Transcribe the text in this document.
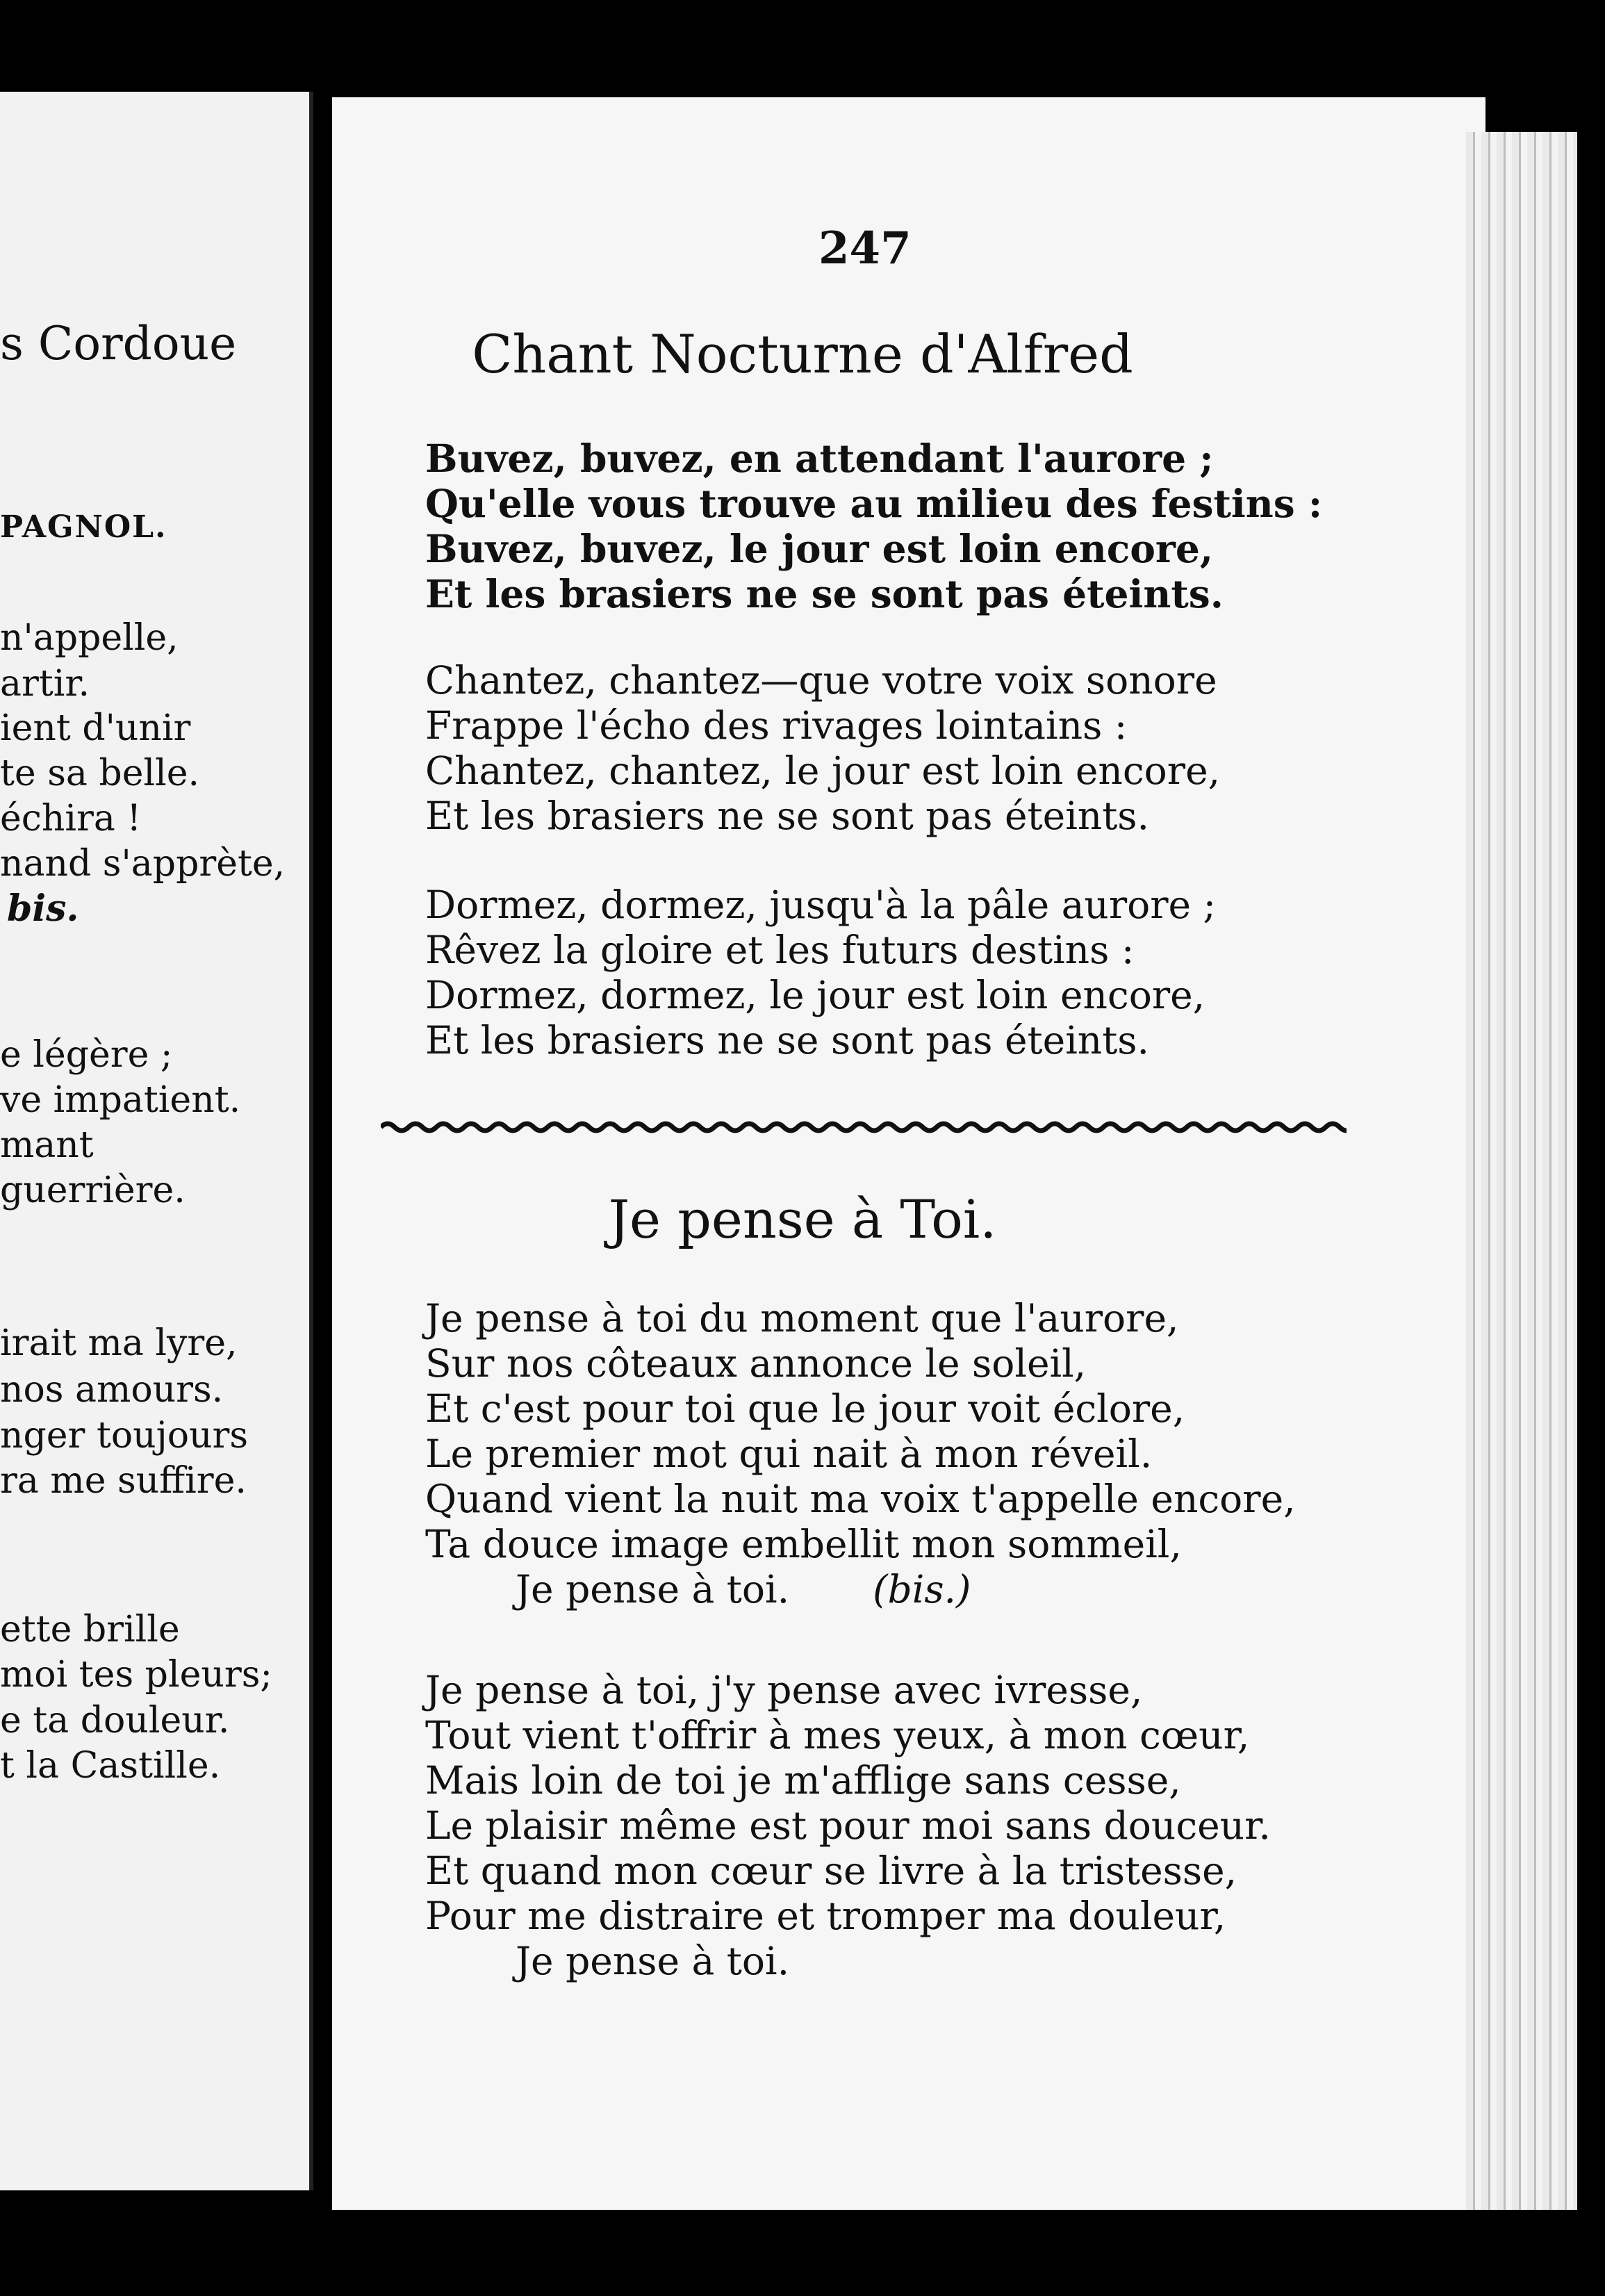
s Cordoue
PAGNOL.
n'appelle,
artir.
ient d'unir
te sa belle.
échira !
nand s'apprète,
bis.
e légère ;
ve impatient.
mant
guerrière.
irait ma lyre,
nos amours.
nger toujours
ra me suffire.
ette brille
moi tes pleurs;
e ta douleur.
t la Castille.
247
Chant Nocturne d'Alfred
Buvez, buvez, en attendant l'aurore ;
Qu'elle vous trouve au milieu des festins :
Buvez, buvez, le jour est loin encore,
Et les brasiers ne se sont pas éteints.
Chantez, chantez—que votre voix sonore
Frappe l'écho des rivages lointains :
Chantez, chantez, le jour est loin encore,
Et les brasiers ne se sont pas éteints.
Dormez, dormez, jusqu'à la pâle aurore ;
Rêvez la gloire et les futurs destins :
Dormez, dormez, le jour est loin encore,
Et les brasiers ne se sont pas éteints.
Je pense à Toi.
Je pense à toi du moment que l'aurore,
Sur nos côteaux annonce le soleil,
Et c'est pour toi que le jour voit éclore,
Le premier mot qui nait à mon réveil.
Quand vient la nuit ma voix t'appelle encore,
Ta douce image embellit mon sommeil,
Je pense à toi. (bis.)
Je pense à toi, j'y pense avec ivresse,
Tout vient t'offrir à mes yeux, à mon cœur,
Mais loin de toi je m'afflige sans cesse,
Le plaisir même est pour moi sans douceur.
Et quand mon cœur se livre à la tristesse,
Pour me distraire et tromper ma douleur,
Je pense à toi.
